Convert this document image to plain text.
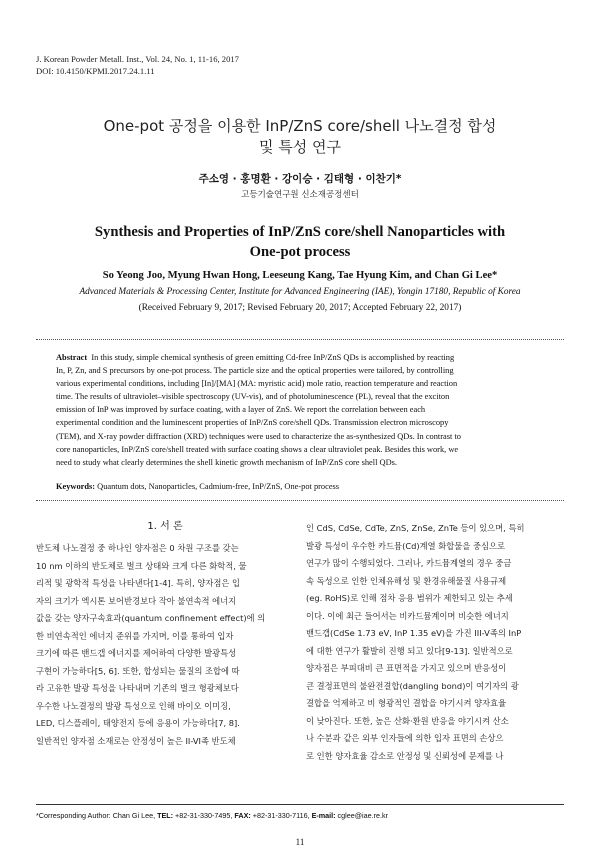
J. Korean Powder Metall. Inst., Vol. 24, No. 1, 11-16, 2017
DOI: 10.4150/KPMI.2017.24.1.11
One-pot 공정을 이용한 InP/ZnS core/shell 나노결정 합성
및 특성 연구
주소영 · 홍명환 · 강이승 · 김태형 · 이찬기*
고등기술연구원 신소재공정센터
Synthesis and Properties of InP/ZnS core/shell Nanoparticles with
One-pot process
So Yeong Joo, Myung Hwan Hong, Leeseung Kang, Tae Hyung Kim, and Chan Gi Lee*
Advanced Materials & Processing Center, Institute for Advanced Engineering (IAE), Yongin 17180, Republic of Korea
(Received February 9, 2017; Revised February 20, 2017; Accepted February 22, 2017)
Abstract In this study, simple chemical synthesis of green emitting Cd-free InP/ZnS QDs is accomplished by reacting
In, P, Zn, and S precursors by one-pot process. The particle size and the optical properties were tailored, by controlling
various experimental conditions, including [In]/[MA] (MA: myristic acid) mole ratio, reaction temperature and reaction
time. The results of ultraviolet–visible spectroscopy (UV-vis), and of photoluminescence (PL), reveal that the exciton
emission of InP was improved by surface coating, with a layer of ZnS. We report the correlation between each
experimental condition and the luminescent properties of InP/ZnS core/shell QDs. Transmission electron microscopy
(TEM), and X-ray powder diffraction (XRD) techniques were used to characterize the as-synthesized QDs. In contrast to
core nanoparticles, InP/ZnS core/shell treated with surface coating shows a clear ultraviolet peak. Besides this work, we
need to study what clearly determines the shell kinetic growth mechanism of InP/ZnS core shell QDs.
Keywords: Quantum dots, Nanoparticles, Cadmium-free, InP/ZnS, One-pot process
1. 서 론
반도체 나노결정 중 하나인 양자점은 0 차원 구조를 갖는
10 nm 이하의 반도체로 벌크 상태와 크게 다른 화학적, 물
리적 및 광학적 특성을 나타낸다[1-4]. 특히, 양자점은 입
자의 크기가 엑시톤 보어반경보다 작아 불연속적 에너지
값을 갖는 양자구속효과(quantum confinement effect)에 의
한 비연속적인 에너지 준위를 가지며, 이를 통하여 입자
크기에 따른 밴드갭 에너지를 제어하여 다양한 발광특성
구현이 가능하다[5, 6]. 또한, 합성되는 물질의 조합에 따
라 고유한 발광 특성을 나타내며 기존의 벌크 형광체보다
우수한 나노결정의 발광 특성으로 인해 바이오 이미징,
LED, 디스플레이, 태양전지 등에 응용이 가능하다[7, 8].
일반적인 양자점 소재로는 안정성이 높은 II-VI족 반도체
인 CdS, CdSe, CdTe, ZnS, ZnSe, ZnTe 등이 있으며, 특히
발광 특성이 우수한 카드뮴(Cd)계열 화합물을 중심으로
연구가 많이 수행되었다. 그러나, 카드뮴계열의 경우 중금
속 독성으로 인한 인체유해성 및 환경유해물질 사용규제
(eg. RoHS)로 인해 점차 응용 범위가 제한되고 있는 추세
이다. 이에 최근 들어서는 비카드뮴계이며 비슷한 에너지
밴드갭(CdSe 1.73 eV, InP 1.35 eV)을 가진 III-V족의 InP
에 대한 연구가 활발히 진행 되고 있다[9-13]. 일반적으로
양자점은 부피대비 큰 표면적을 가지고 있으며 반응성이
큰 결정표면의 불완전결합(dangling bond)이 여기자의 광
결합을 억제하고 비 형광적인 결합을 야기시켜 양자효율
이 낮아진다. 또한, 높은 산화·환원 반응을 야기시켜 산소
나 수분과 같은 외부 인자들에 의한 입자 표면의 손상으
로 인한 양자효율 감소로 안정성 및 신뢰성에 문제를 나
*Corresponding Author: Chan Gi Lee, TEL: +82-31-330-7495, FAX: +82-31-330-7116, E-mail: cglee@iae.re.kr
11
